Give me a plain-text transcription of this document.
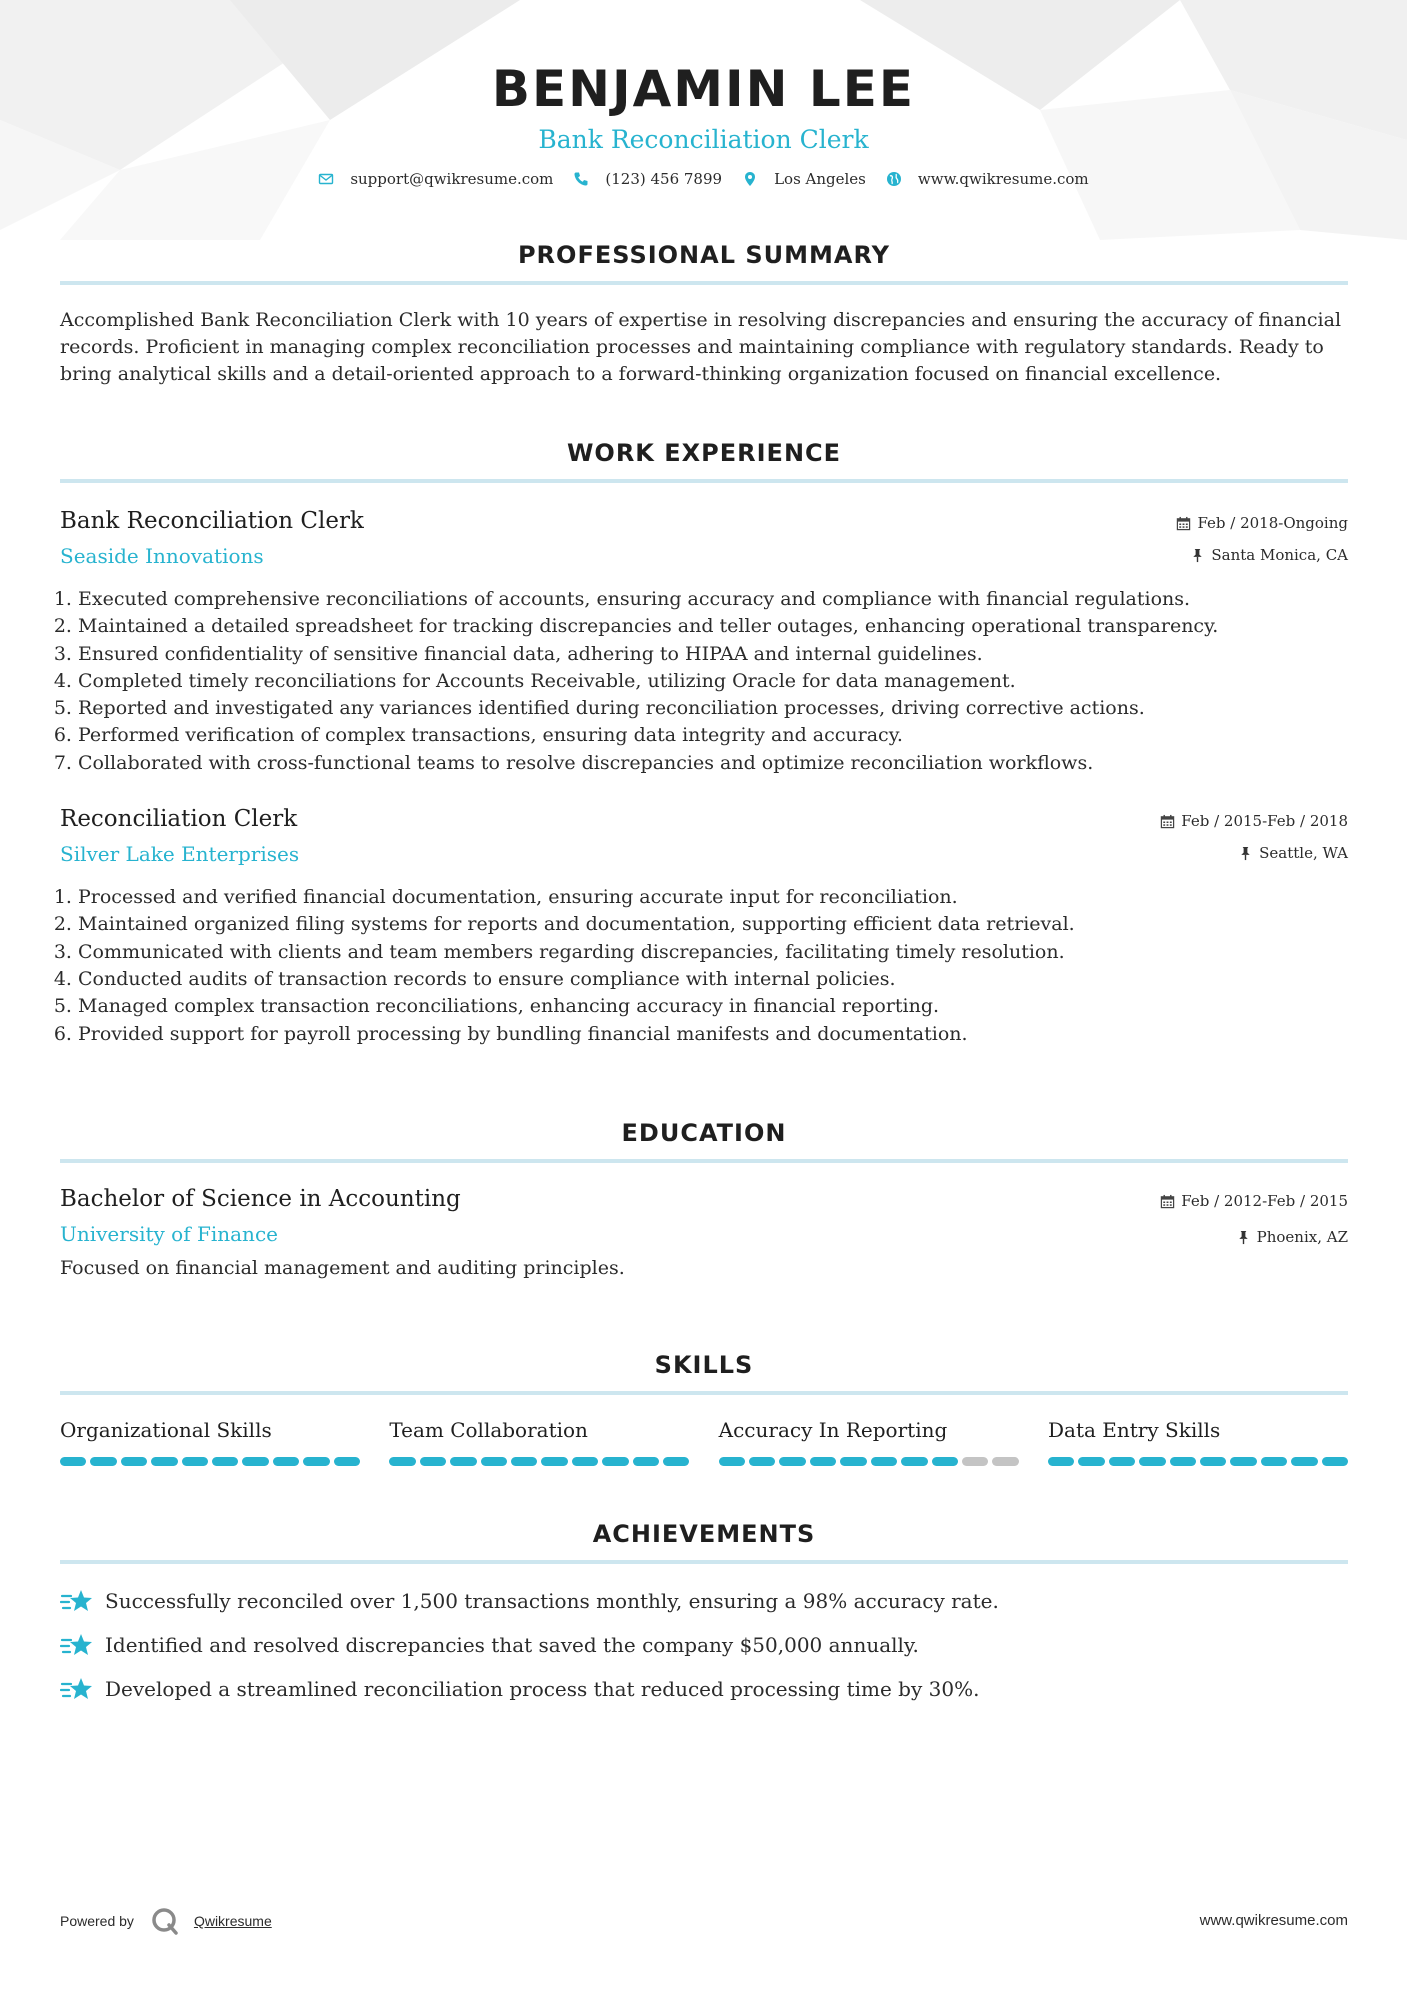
BENJAMIN LEE
Bank Reconciliation Clerk
support@qwikresume.com	(123) 456 7899	Los Angeles	www.qwikresume.com
PROFESSIONAL SUMMARY
Accomplished Bank Reconciliation Clerk with 10 years of expertise in resolving discrepancies and ensuring the accuracy of financial records. Proficient in managing complex reconciliation processes and maintaining compliance with regulatory standards. Ready to bring analytical skills and a detail-oriented approach to a forward-thinking organization focused on financial excellence.
WORK EXPERIENCE
Bank Reconciliation Clerk
Seaside Innovations
Feb / 2018-Ongoing
Santa Monica, CA
1. Executed comprehensive reconciliations of accounts, ensuring accuracy and compliance with financial regulations.
2. Maintained a detailed spreadsheet for tracking discrepancies and teller outages, enhancing operational transparency.
3. Ensured confidentiality of sensitive financial data, adhering to HIPAA and internal guidelines.
4. Completed timely reconciliations for Accounts Receivable, utilizing Oracle for data management.
5. Reported and investigated any variances identified during reconciliation processes, driving corrective actions.
6. Performed verification of complex transactions, ensuring data integrity and accuracy.
7. Collaborated with cross-functional teams to resolve discrepancies and optimize reconciliation workflows.
Reconciliation Clerk
Silver Lake Enterprises
Feb / 2015-Feb / 2018
Seattle, WA
1. Processed and verified financial documentation, ensuring accurate input for reconciliation.
2. Maintained organized filing systems for reports and documentation, supporting efficient data retrieval.
3. Communicated with clients and team members regarding discrepancies, facilitating timely resolution.
4. Conducted audits of transaction records to ensure compliance with internal policies.
5. Managed complex transaction reconciliations, enhancing accuracy in financial reporting.
6. Provided support for payroll processing by bundling financial manifests and documentation.
EDUCATION
Bachelor of Science in Accounting
University of Finance
Feb / 2012-Feb / 2015
Phoenix, AZ
Focused on financial management and auditing principles.
SKILLS
Organizational Skills	Team Collaboration	Accuracy In Reporting	Data Entry Skills
ACHIEVEMENTS
Successfully reconciled over 1,500 transactions monthly, ensuring a 98% accuracy rate.
Identified and resolved discrepancies that saved the company $50,000 annually.
Developed a streamlined reconciliation process that reduced processing time by 30%.
Powered by	Qwikresume	www.qwikresume.com
